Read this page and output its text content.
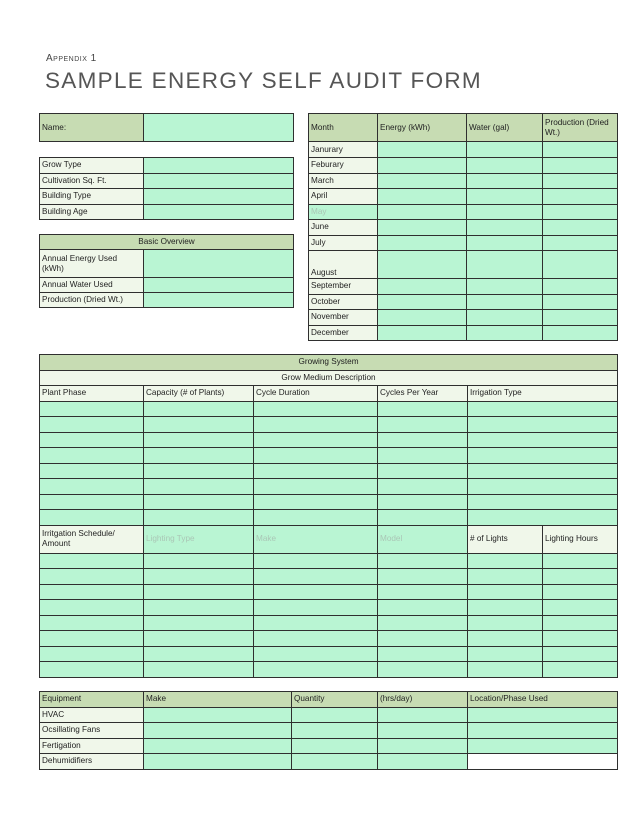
Appendix 1
SAMPLE ENERGY SELF AUDIT FORM
Name:	
Grow Type	
Cultivation Sq. Ft.	
Building Type	
Building Age	
Basic Overview	
Annual Energy Used (kWh)	
Annual Water Used	
Production (Dried Wt.)	
Month	Energy (kWh)	Water (gal)	Production (Dried Wt.)
Janurary			
Feburary			
March			
April			
May			
June			
July			
August			
September			
October			
November			
December			
Growing System					
Grow Medium Description					
Plant Phase	Capacity (# of Plants)	Cycle Duration	Cycles Per Year	Irrigation Type	

Irritgation Schedule/ Amount	Lighting Type	Make	Model	# of Lights	Lighting Hours

Equipment	Make	Quantity	(hrs/day)	Location/Phase Used
HVAC				
Ocsillating Fans				
Fertigation				
Dehumidifiers				
